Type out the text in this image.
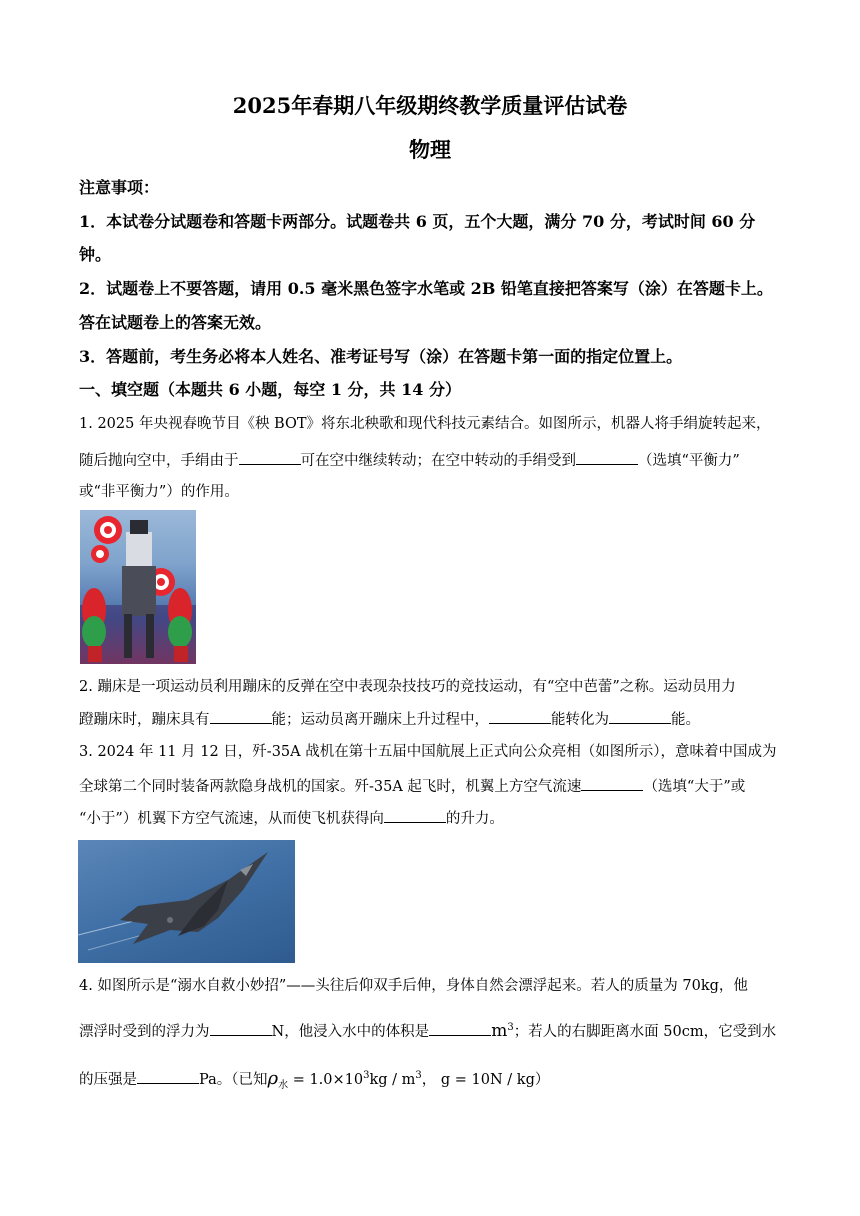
2025年春期八年级期终教学质量评估试卷
物理
注意事项：
1．本试卷分试题卷和答题卡两部分。试题卷共 6 页，五个大题，满分 70 分，考试时间 60 分
钟。
2．试题卷上不要答题，请用 0.5 毫米黑色签字水笔或 2B 铅笔直接把答案写（涂）在答题卡上。
答在试题卷上的答案无效。
3．答题前，考生务必将本人姓名、准考证号写（涂）在答题卡第一面的指定位置上。
一、填空题（本题共 6 小题，每空 1 分，共 14 分）
1. 2025 年央视春晚节目《秧 BOT》将东北秧歌和现代科技元素结合。如图所示，机器人将手绢旋转起来，
随后抛向空中，手绢由于	可在空中继续转动；在空中转动的手绢受到	（选填“平衡力”
或“非平衡力”）的作用。
2. 蹦床是一项运动员利用蹦床的反弹在空中表现杂技技巧的竞技运动，有“空中芭蕾”之称。运动员用力
蹬蹦床时，蹦床具有	能；运动员离开蹦床上升过程中，	能转化为	能。
3. 2024 年 11 月 12 日，歼-35A 战机在第十五届中国航展上正式向公众亮相（如图所示），意味着中国成为
全球第二个同时装备两款隐身战机的国家。歼-35A 起飞时，机翼上方空气流速	（选填“大于”或
“小于”）机翼下方空气流速，从而使飞机获得向	的升力。
4. 如图所示是“溺水自救小妙招”——头往后仰双手后伸，身体自然会漂浮起来。若人的质量为 70kg，他
漂浮时受到的浮力为	N，他浸入水中的体积是	$m^3$；若人的右脚距离水面 50cm，它受到水
的压强是	Pa。（已知$\rho_水 = 1.0\times 10^3kg / m^3$， g = 10N / kg）
